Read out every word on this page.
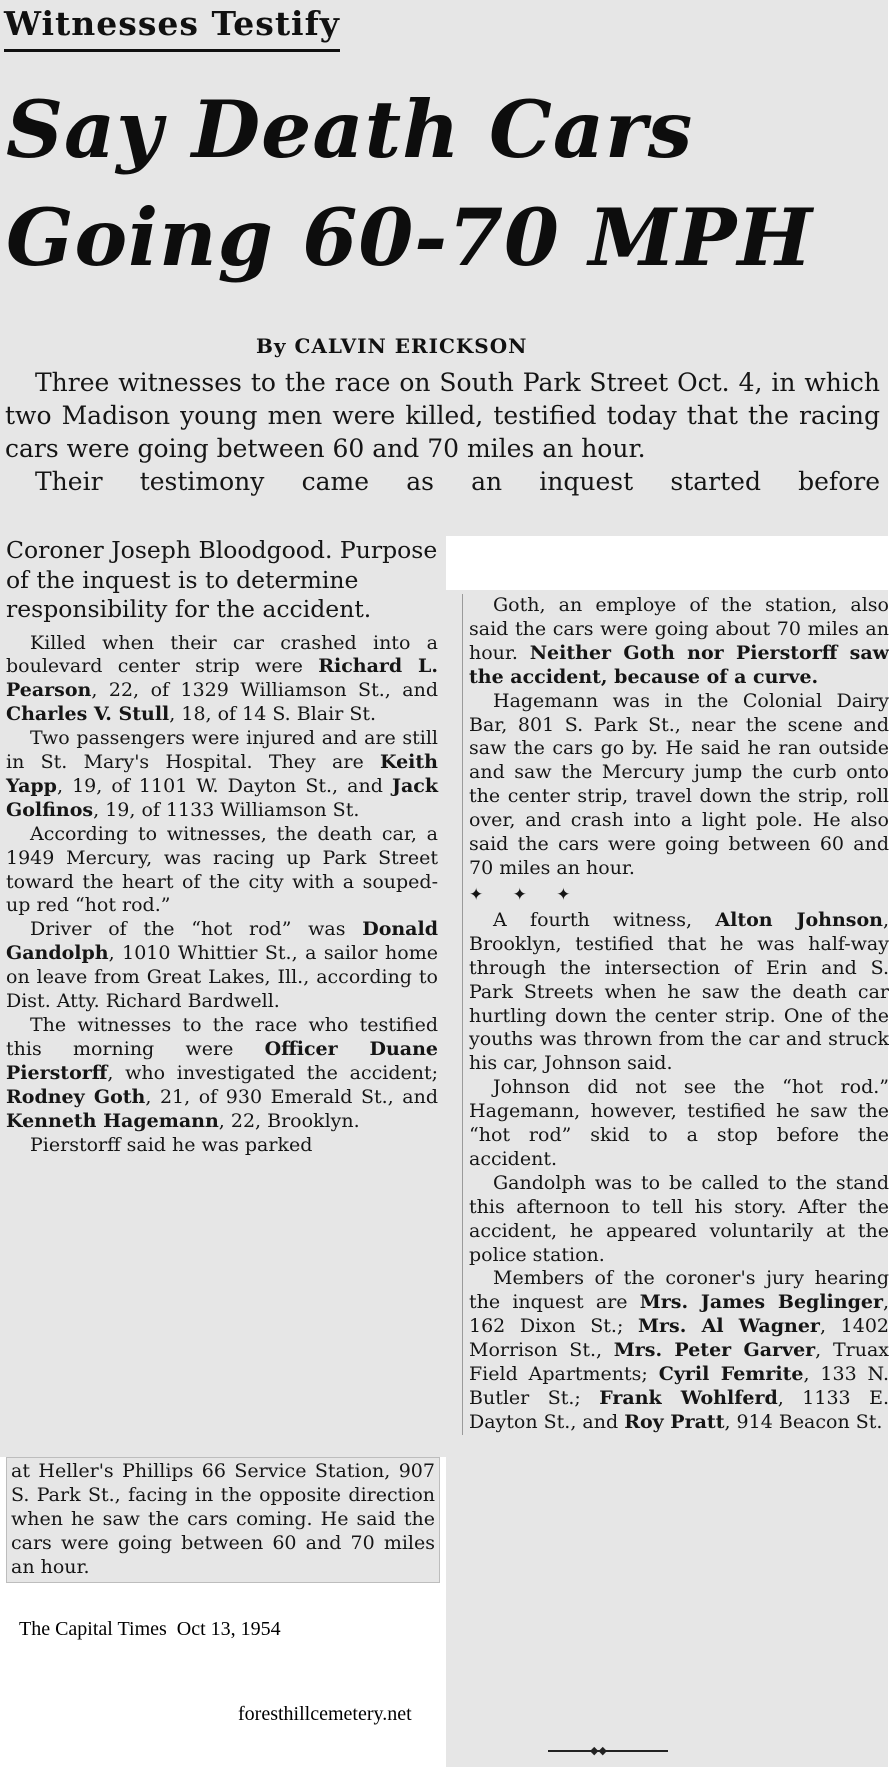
Witnesses Testify
Say Death Cars
Going 60-70 MPH
By CALVIN ERICKSON

Three witnesses to the race on South Park Street Oct. 4, in which two Madison young men were killed, testified today that the racing cars were going between 60 and 70 miles an hour.

Their testimony came as an inquest started before

Coroner Joseph Bloodgood. Purpose of the inquest is to determine responsibility for the accident.

Killed when their car crashed into a boulevard center strip were Richard L. Pearson, 22, of 1329 Williamson St., and Charles V. Stull, 18, of 14 S. Blair St.

Two passengers were injured and are still in St. Mary's Hospital. They are Keith Yapp, 19, of 1101 W. Dayton St., and Jack Golfinos, 19, of 1133 Williamson St.

According to witnesses, the death car, a 1949 Mercury, was racing up Park Street toward the heart of the city with a souped-up red “hot rod.”

Driver of the “hot rod” was Donald Gandolph, 1010 Whittier St., a sailor home on leave from Great Lakes, Ill., according to Dist. Atty. Richard Bardwell.

The witnesses to the race who testified this morning were Officer Duane Pierstorff, who investigated the accident; Rodney Goth, 21, of 930 Emerald St., and Kenneth Hagemann, 22, Brooklyn.

Pierstorff said he was parked

at Heller's Phillips 66 Service Station, 907 S. Park St., facing in the opposite direction when he saw the cars coming. He said the cars were going between 60 and 70 miles an hour.

Goth, an employe of the station, also said the cars were going about 70 miles an hour. Neither Goth nor Pierstorff saw the accident, because of a curve.

Hagemann was in the Colonial Dairy Bar, 801 S. Park St., near the scene and saw the cars go by. He said he ran outside and saw the Mercury jump the curb onto the center strip, travel down the strip, roll over, and crash into a light pole. He also said the cars were going between 60 and 70 miles an hour.

✦ ✦ ✦

A fourth witness, Alton Johnson, Brooklyn, testified that he was half-way through the intersection of Erin and S. Park Streets when he saw the death car hurtling down the center strip. One of the youths was thrown from the car and struck his car, Johnson said.

Johnson did not see the “hot rod.” Hagemann, however, testified he saw the “hot rod” skid to a stop before the accident.

Gandolph was to be called to the stand this afternoon to tell his story. After the accident, he appeared voluntarily at the police station.

Members of the coroner's jury hearing the inquest are Mrs. James Beglinger, 162 Dixon St.; Mrs. Al Wagner, 1402 Morrison St., Mrs. Peter Garver, Truax Field Apartments; Cyril Femrite, 133 N. Butler St.; Frank Wohlferd, 1133 E. Dayton St., and Roy Pratt, 914 Beacon St.

◆◆
The Capital Times  Oct 13, 1954
foresthillcemetery.net
